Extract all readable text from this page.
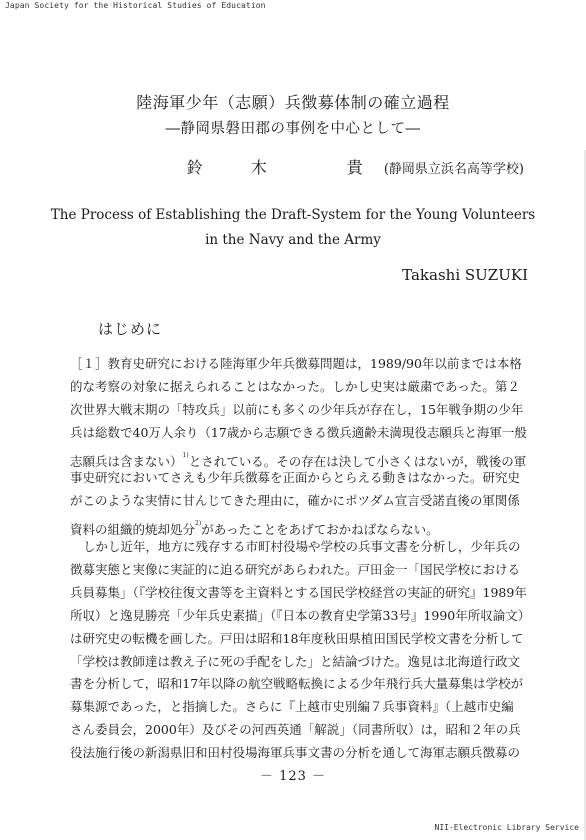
Japan Society for the Historical Studies of Education
陸海軍少年（志願）兵徴募体制の確立過程
―静岡県磐田郡の事例を中心として―
鈴　木　　貴 (静岡県立浜名高等学校)
The Process of Establishing the Draft-System for the Young Volunteers
in the Navy and the Army
Takashi SUZUKI
はじめに
［１］教育史研究における陸海軍少年兵徴募問題は，1989/90年以前までは本格
的な考察の対象に据えられることはなかった。しかし史実は厳粛であった。第２
次世界大戦末期の「特攻兵」以前にも多くの少年兵が存在し，15年戦争期の少年
兵は総数で40万人余り（17歳から志願できる徴兵適齢未満現役志願兵と海軍一般
志願兵は含まない）$^{1)}$とされている。その存在は決して小さくはないが，戦後の軍
事史研究においてさえも少年兵徴募を正面からとらえる動きはなかった。研究史
がこのような実情に甘んじてきた理由に，確かにポツダム宣言受諾直後の軍関係
資料の組織的焼却処分$^{2)}$があったことをあげておかねばならない。
しかし近年，地方に残存する市町村役場や学校の兵事文書を分析し，少年兵の
徴募実態と実像に実証的に迫る研究があらわれた。戸田金一「国民学校における
兵員募集」（『学校往復文書等を主資料とする国民学校経営の実証的研究』1989年
所収）と逸見勝亮「少年兵史素描」（『日本の教育史学第33号』1990年所収論文）
は研究史の転機を画した。戸田は昭和18年度秋田県植田国民学校文書を分析して
「学校は教師達は教え子に死の手配をした」と結論づけた。逸見は北海道行政文
書を分析して，昭和17年以降の航空戦略転換による少年飛行兵大量募集は学校が
募集源であった，と指摘した。さらに『上越市史別編７兵事資料』（上越市史編
さん委員会，2000年）及びその河西英通「解説」（同書所収）は，昭和２年の兵
役法施行後の新潟県旧和田村役場海軍兵事文書の分析を通して海軍志願兵徴募の
－ 123 －
NII-Electronic Library Service
